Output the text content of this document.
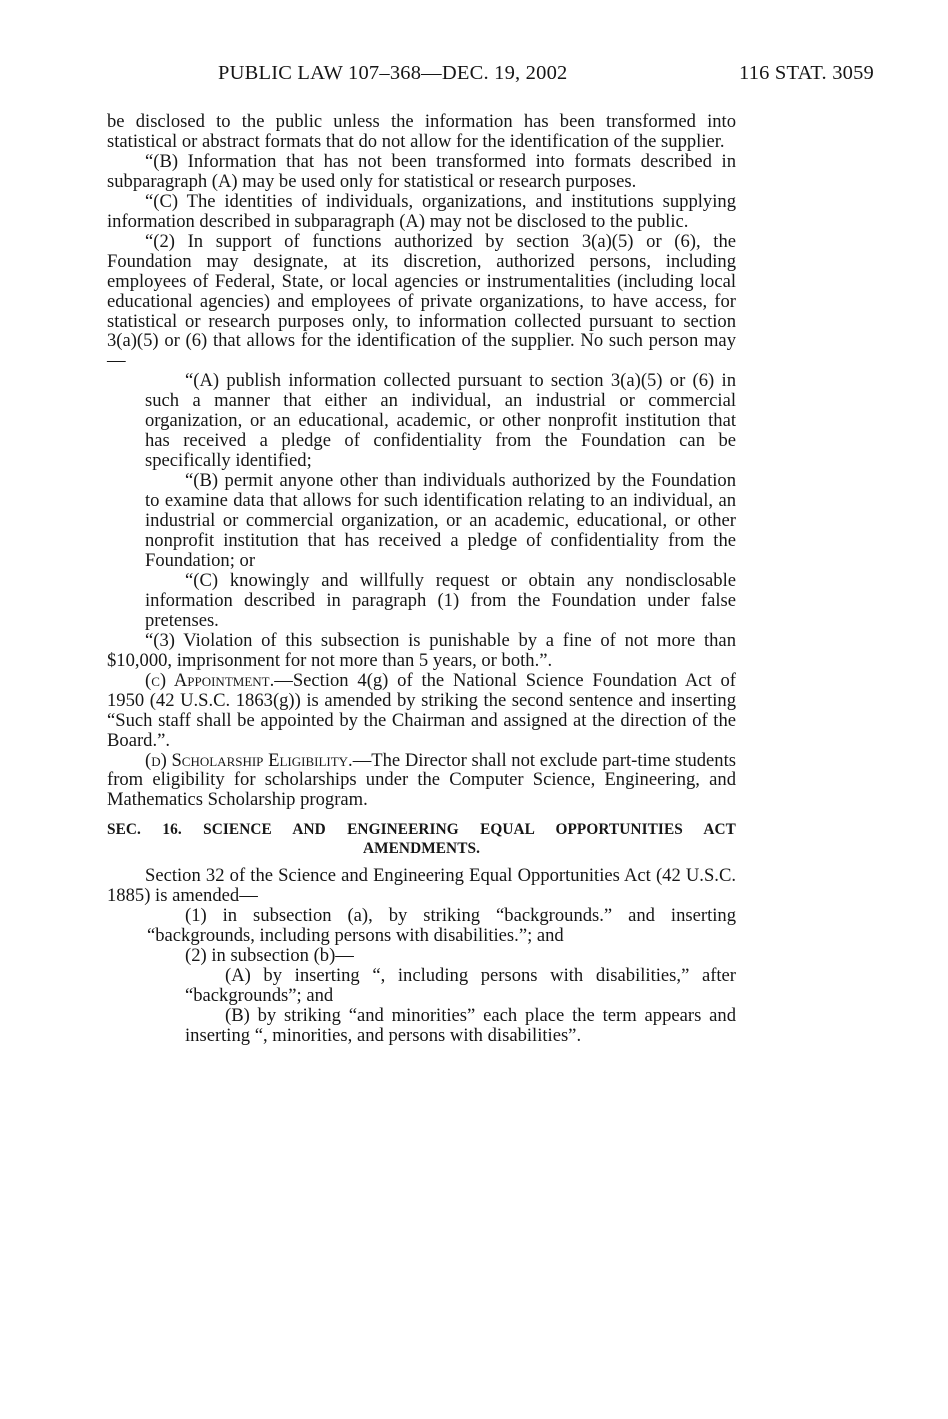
PUBLIC LAW 107–368—DEC. 19, 2002	116 STAT. 3059

be disclosed to the public unless the information has been transformed into statistical or abstract formats that do not allow for the identification of the supplier.

“(B) Information that has not been transformed into formats described in subparagraph (A) may be used only for statistical or research purposes.

“(C) The identities of individuals, organizations, and institutions supplying information described in subparagraph (A) may not be disclosed to the public.

“(2) In support of functions authorized by section 3(a)(5) or (6), the Foundation may designate, at its discretion, authorized persons, including employees of Federal, State, or local agencies or instrumentalities (including local educational agencies) and employees of private organizations, to have access, for statistical or research purposes only, to information collected pursuant to section 3(a)(5) or (6) that allows for the identification of the supplier. No such person may—

“(A) publish information collected pursuant to section 3(a)(5) or (6) in such a manner that either an individual, an industrial or commercial organization, or an educational, academic, or other nonprofit institution that has received a pledge of confidentiality from the Foundation can be specifically identified;

“(B) permit anyone other than individuals authorized by the Foundation to examine data that allows for such identification relating to an individual, an industrial or commercial organization, or an academic, educational, or other nonprofit institution that has received a pledge of confidentiality from the Foundation; or

“(C) knowingly and willfully request or obtain any nondisclosable information described in paragraph (1) from the Foundation under false pretenses.

“(3) Violation of this subsection is punishable by a fine of not more than $10,000, imprisonment for not more than 5 years, or both.”.

(c) Appointment.—Section 4(g) of the National Science Foundation Act of 1950 (42 U.S.C. 1863(g)) is amended by striking the second sentence and inserting “Such staff shall be appointed by the Chairman and assigned at the direction of the Board.”.

(d) Scholarship Eligibility.—The Director shall not exclude part-time students from eligibility for scholarships under the Computer Science, Engineering, and Mathematics Scholarship program.

SEC. 16. SCIENCE AND ENGINEERING EQUAL OPPORTUNITIES ACT
AMENDMENTS.

Section 32 of the Science and Engineering Equal Opportunities Act (42 U.S.C. 1885) is amended—

(1) in subsection (a), by striking “backgrounds.” and inserting “backgrounds, including persons with disabilities.”; and

(2) in subsection (b)—

(A) by inserting “, including persons with disabilities,” after “backgrounds”; and

(B) by striking “and minorities” each place the term appears and inserting “, minorities, and persons with disabilities”.
